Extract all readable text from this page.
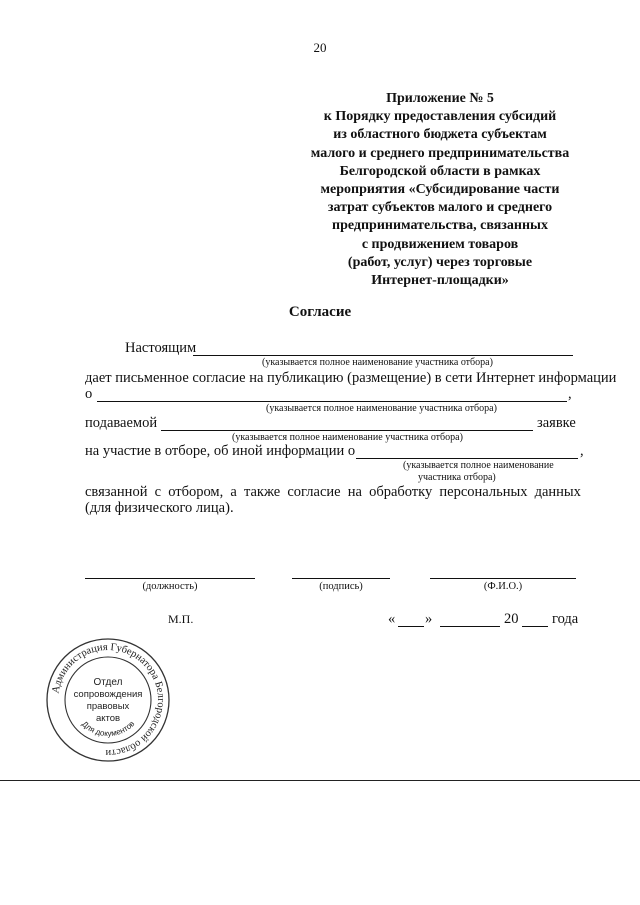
20
Приложение № 5
к Порядку предоставления субсидий
из областного бюджета субъектам
малого и среднего предпринимательства
Белгородской области в рамках
мероприятия «Субсидирование части
затрат субъектов малого и среднего
предпринимательства, связанных
с продвижением товаров
(работ, услуг) через торговые
Интернет-площадки»
Согласие
Настоящим
(указывается полное наименование участника отбора)
дает письменное согласие на публикацию (размещение) в сети Интернет информации
о	,
(указывается полное наименование участника отбора)
подаваемой	заявке
(указывается полное наименование участника отбора)
на участие в отборе, об иной информации о	,
(указывается полное наименование
участника отбора)
связанной с отбором, а также согласие на обработку персональных данных
(для физического лица).
(должность)	(подпись)	(Ф.И.О.)
М.П.	« »	20 года
Администрация Губернатора Белгородской области
Отдел
сопровождения
правовых
актов
Для документов
